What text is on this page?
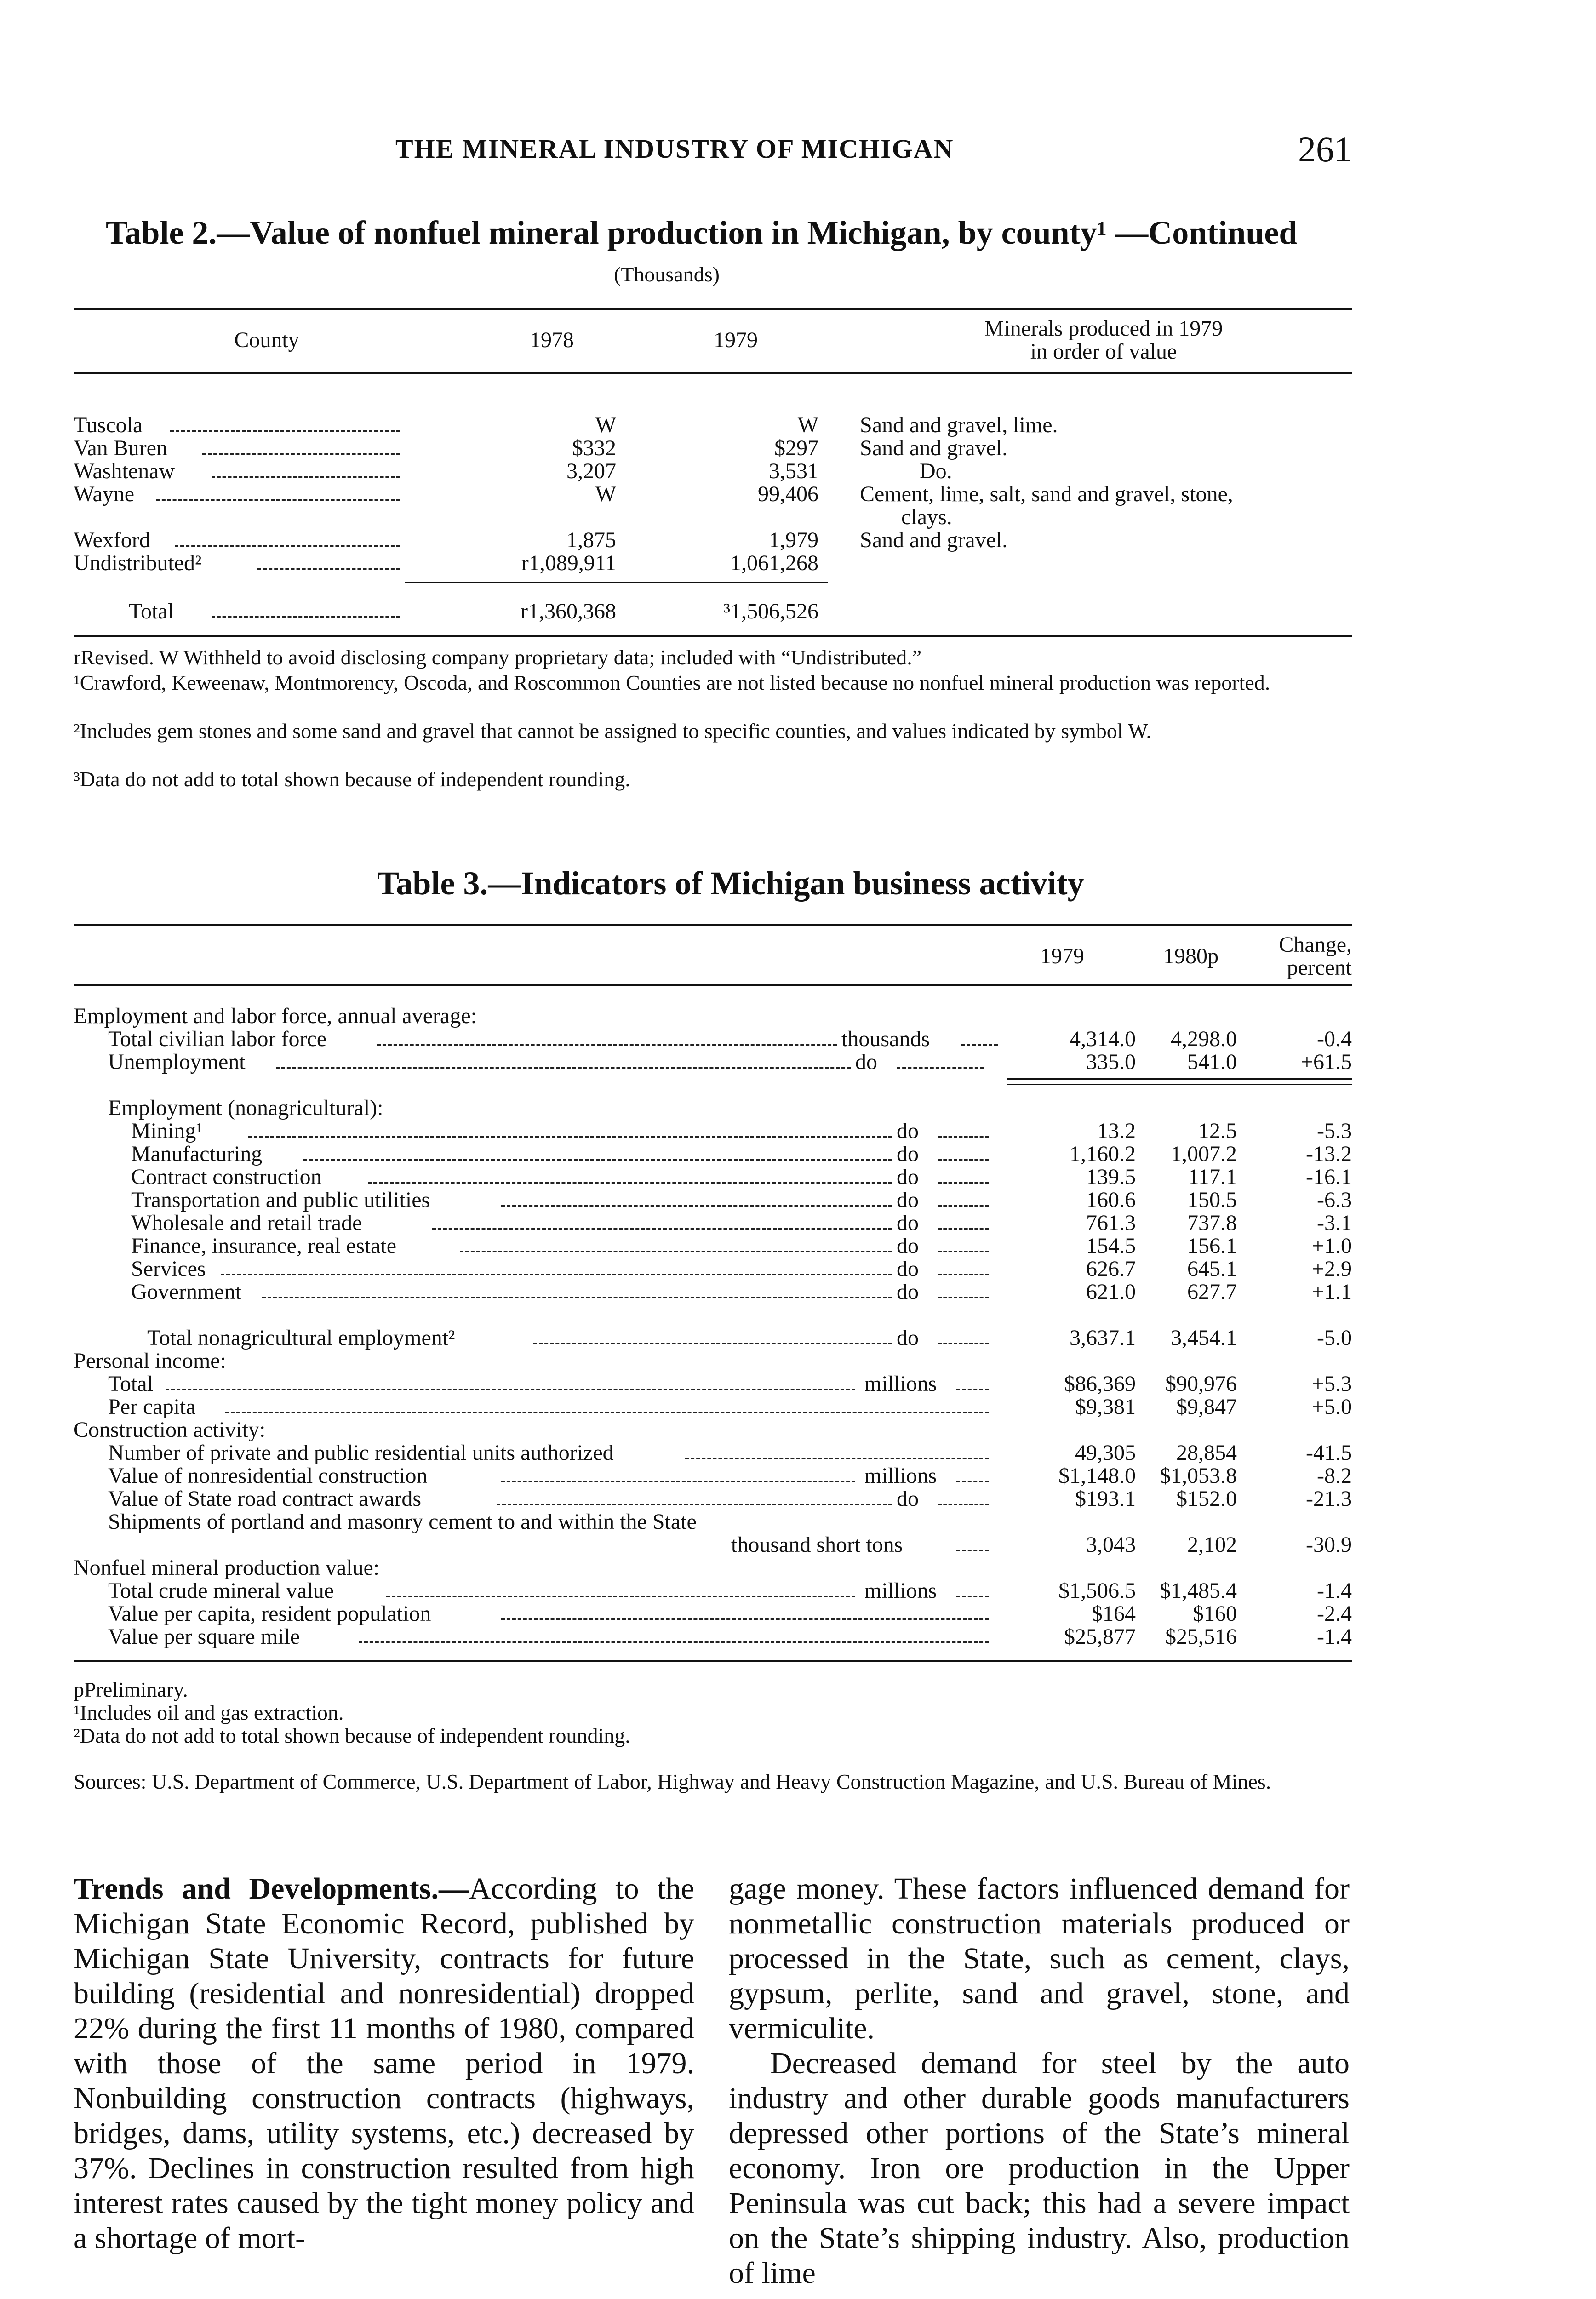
THE MINERAL INDUSTRY OF MICHIGAN	261
Table 2.—Value of nonfuel mineral production in Michigan, by county¹ —Continued
(Thousands)
County	1978	1979	Minerals produced in 1979
in order of value
Tuscola	W	W Sand and gravel, lime.
Van Buren	$332	$297 Sand and gravel.
Washtenaw	3,207	3,531	Do.
Wayne	W	99,406 Cement, lime, salt, sand and gravel, stone,
clays.
Wexford	1,875	1,979 Sand and gravel.
Undistributed²	r1,089,911	1,061,268
Total	r1,360,368	³1,506,526
rRevised. W Withheld to avoid disclosing company proprietary data; included with “Undistributed.”
¹Crawford, Keweenaw, Montmorency, Oscoda, and Roscommon Counties are not listed because no nonfuel mineral production was reported.
²Includes gem stones and some sand and gravel that cannot be assigned to specific counties, and values indicated by symbol W.
³Data do not add to total shown because of independent rounding.
Table 3.—Indicators of Michigan business activity
1979	1980p	Change,
percent
Employment and labor force, annual average:
Total civilian labor force	thousands	4,314.0	4,298.0	-0.4
Unemployment	do	335.0	541.0	+61.5
Employment (nonagricultural):
Mining¹	do	13.2	12.5	-5.3
Manufacturing	do	1,160.2	1,007.2	-13.2
Contract construction	do	139.5	117.1	-16.1
Transportation and public utilities	do	160.6	150.5	-6.3
Wholesale and retail trade	do	761.3	737.8	-3.1
Finance, insurance, real estate	do	154.5	156.1	+1.0
Services	do	626.7	645.1	+2.9
Government	do	621.0	627.7	+1.1
Total nonagricultural employment²	do	3,637.1	3,454.1	-5.0
Personal income:
Total	millions	$86,369	$90,976	+5.3
Per capita	$9,381	$9,847	+5.0
Construction activity:
Number of private and public residential units authorized	49,305	28,854	-41.5
Value of nonresidential construction	millions	$1,148.0	$1,053.8	-8.2
Value of State road contract awards	do	$193.1	$152.0	-21.3
Shipments of portland and masonry cement to and within the State
thousand short tons	3,043	2,102	-30.9
Nonfuel mineral production value:
Total crude mineral value	millions	$1,506.5	$1,485.4	-1.4
Value per capita, resident population	$164	$160	-2.4
Value per square mile	$25,877	$25,516	-1.4
pPreliminary.
¹Includes oil and gas extraction.
²Data do not add to total shown because of independent rounding.
Sources: U.S. Department of Commerce, U.S. Department of Labor, Highway and Heavy Construction Magazine, and U.S. Bureau of Mines.

Trends and Developments.—According to the Michigan State Economic Record, published by Michigan State University, contracts for future building (residential and nonresidential) dropped 22% during the first 11 months of 1980, compared with those of the same period in 1979. Nonbuilding construction contracts (highways, bridges, dams, utility systems, etc.) decreased by 37%. Declines in construction resulted from high interest rates caused by the tight money policy and a shortage of mort-

gage money. These factors influenced demand for nonmetallic construction materials produced or processed in the State, such as cement, clays, gypsum, perlite, sand and gravel, stone, and vermiculite.

Decreased demand for steel by the auto industry and other durable goods manufacturers depressed other portions of the State’s mineral economy. Iron ore production in the Upper Peninsula was cut back; this had a severe impact on the State’s shipping industry. Also, production of lime
